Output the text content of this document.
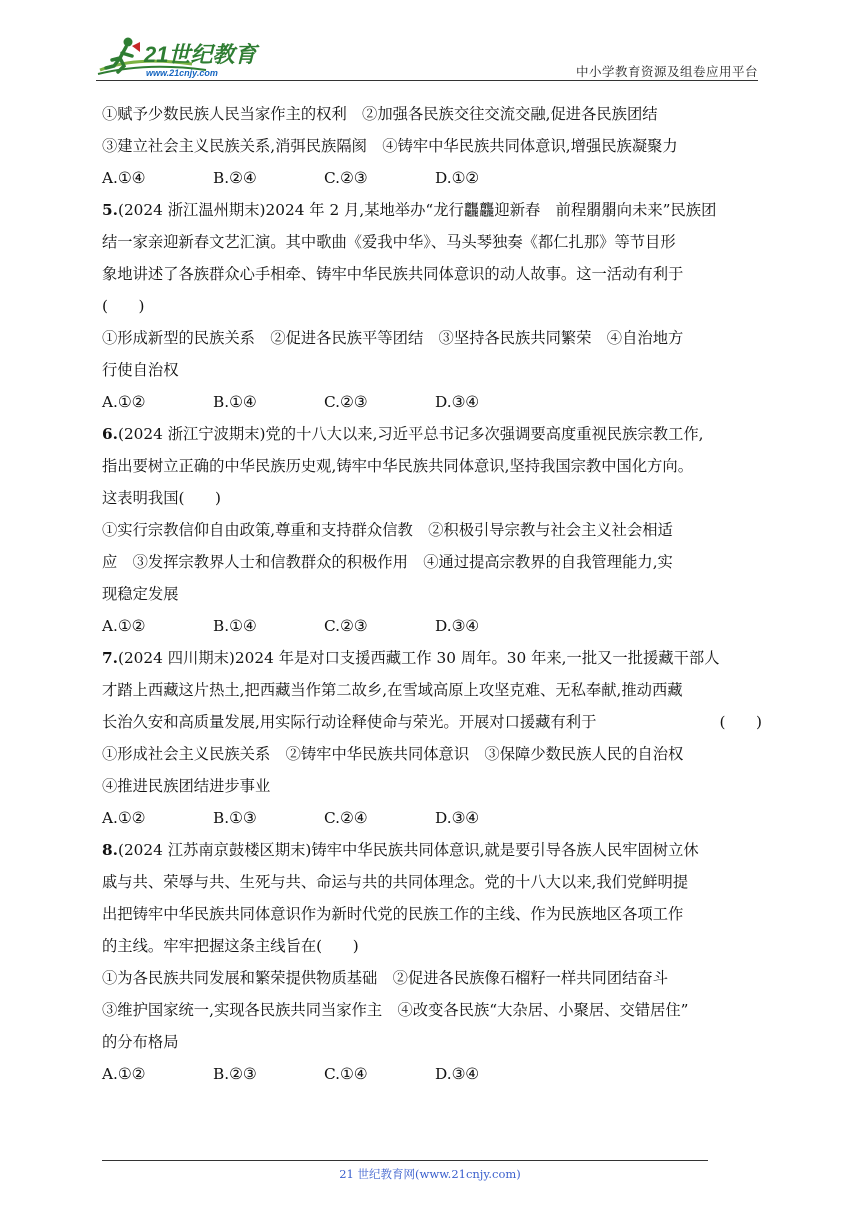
21世纪教育
www.21cnjy.com	中小学教育资源及组卷应用平台
①赋予少数民族人民当家作主的权利　②加强各民族交往交流交融,促进各民族团结
③建立社会主义民族关系,消弭民族隔阂　④铸牢中华民族共同体意识,增强民族凝聚力
A.①④	B.②④	C.②③	D.①②
5.(2024 浙江温州期末)2024 年 2 月,某地举办“龙行龘龘迎新春　前程朤朤向未来”民族团
结一家亲迎新春文艺汇演。其中歌曲《爱我中华》、马头琴独奏《都仁扎那》等节目形
象地讲述了各族群众心手相牵、铸牢中华民族共同体意识的动人故事。这一活动有利于
(　　)
①形成新型的民族关系　②促进各民族平等团结　③坚持各民族共同繁荣　④自治地方
行使自治权
A.①②	B.①④	C.②③	D.③④
6.(2024 浙江宁波期末)党的十八大以来,习近平总书记多次强调要高度重视民族宗教工作,
指出要树立正确的中华民族历史观,铸牢中华民族共同体意识,坚持我国宗教中国化方向。
这表明我国(　　)
①实行宗教信仰自由政策,尊重和支持群众信教　②积极引导宗教与社会主义社会相适
应　③发挥宗教界人士和信教群众的积极作用　④通过提高宗教界的自我管理能力,实
现稳定发展
A.①②	B.①④	C.②③	D.③④
7.(2024 四川期末)2024 年是对口支援西藏工作 30 周年。30 年来,一批又一批援藏干部人
才踏上西藏这片热土,把西藏当作第二故乡,在雪域高原上攻坚克难、无私奉献,推动西藏
长治久安和高质量发展,用实际行动诠释使命与荣光。开展对口援藏有利于	(　　)
①形成社会主义民族关系　②铸牢中华民族共同体意识　③保障少数民族人民的自治权
④推进民族团结进步事业
A.①②	B.①③	C.②④	D.③④
8.(2024 江苏南京鼓楼区期末)铸牢中华民族共同体意识,就是要引导各族人民牢固树立休
戚与共、荣辱与共、生死与共、命运与共的共同体理念。党的十八大以来,我们党鲜明提
出把铸牢中华民族共同体意识作为新时代党的民族工作的主线、作为民族地区各项工作
的主线。牢牢把握这条主线旨在(　　)
①为各民族共同发展和繁荣提供物质基础　②促进各民族像石榴籽一样共同团结奋斗
③维护国家统一,实现各民族共同当家作主　④改变各民族“大杂居、小聚居、交错居住”
的分布格局
A.①②	B.②③	C.①④	D.③④
21 世纪教育网(www.21cnjy.com)
